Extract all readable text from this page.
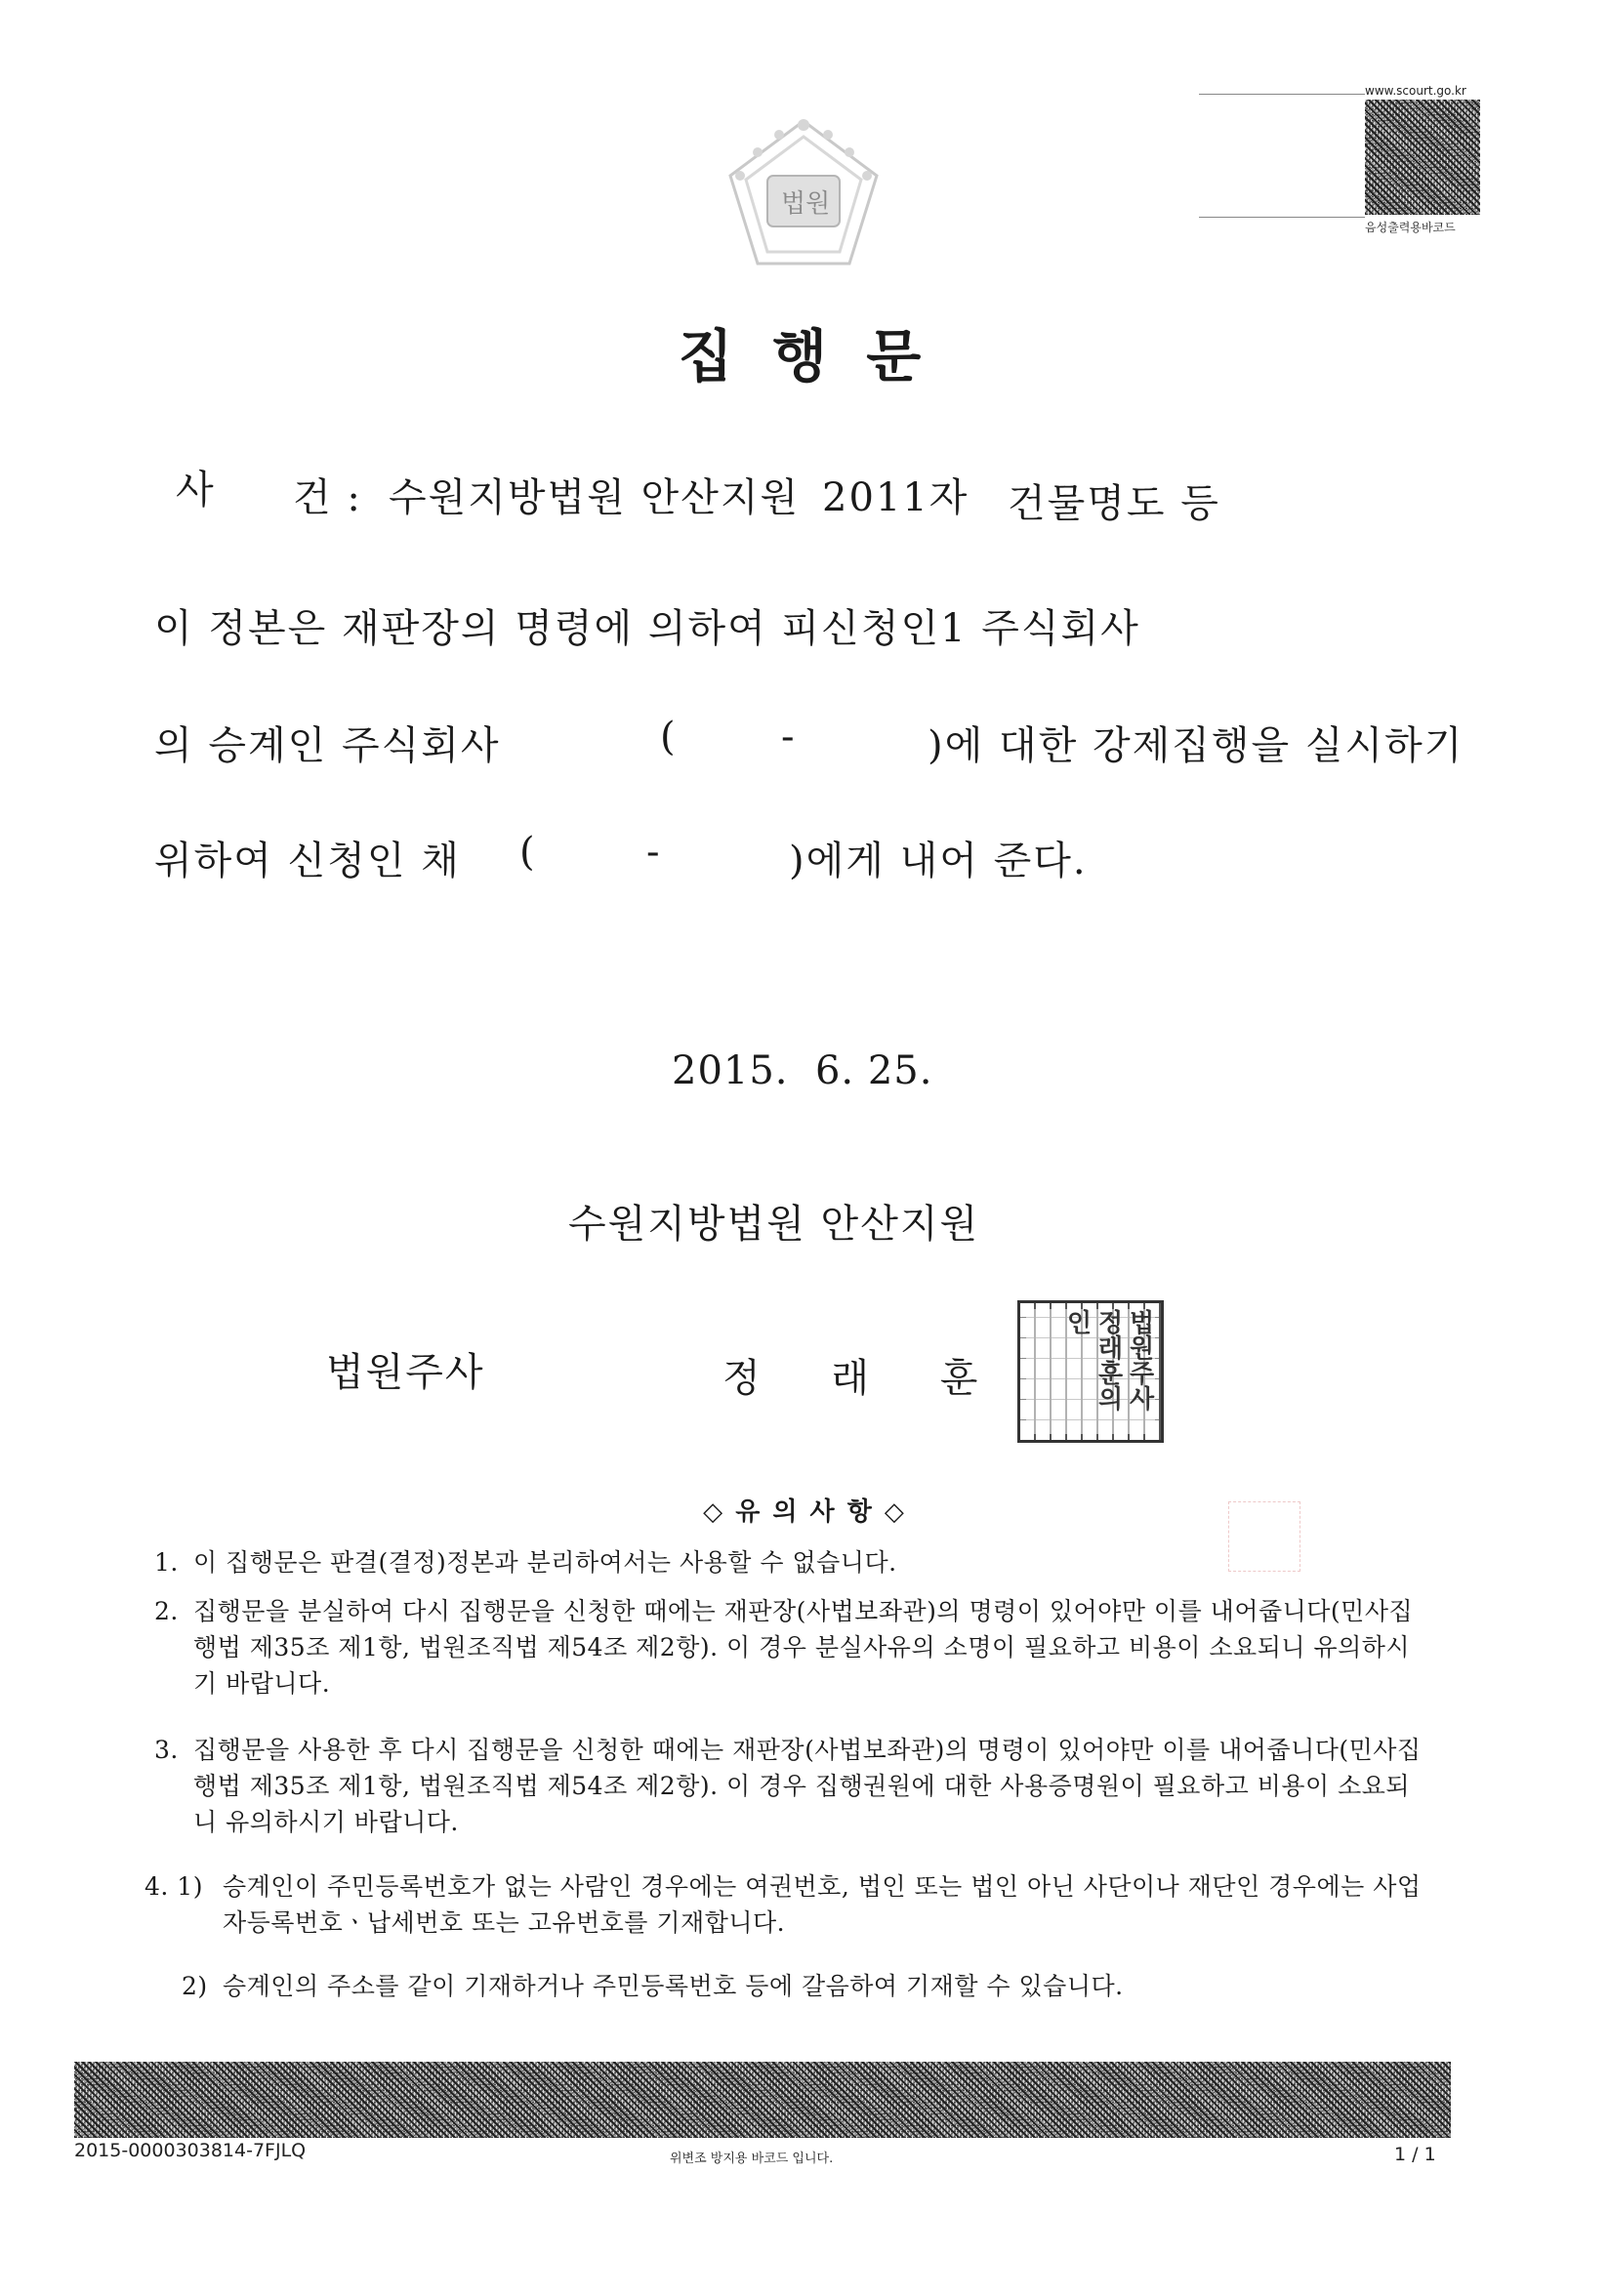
법원
www.scourt.go.kr
음성출력용바코드
집 행 문
사 건 : 수원지방법원 안산지원 2011자 건물명도 등
이 정본은 재판장의 명령에 의하여 피신청인1 주식회사
의 승계인 주식회사	(	-	)에 대한 강제집행을 실시하기
위하여 신청인 채 (	-	)에게 내어 준다.
2015.  6. 25.
수원지방법원 안산지원
법원주사	정 래 훈	법원주사정래훈의인
◇ 유 의 사 항 ◇
1. 이 집행문은 판결(결정)정본과 분리하여서는 사용할 수 없습니다.
2. 집행문을 분실하여 다시 집행문을 신청한 때에는 재판장(사법보좌관)의 명령이 있어야만 이를 내어줍니다(민사집행법 제35조 제1항, 법원조직법 제54조 제2항). 이 경우 분실사유의 소명이 필요하고 비용이 소요되니 유의하시기 바랍니다.
3. 집행문을 사용한 후 다시 집행문을 신청한 때에는 재판장(사법보좌관)의 명령이 있어야만 이를 내어줍니다(민사집행법 제35조 제1항, 법원조직법 제54조 제2항). 이 경우 집행권원에 대한 사용증명원이 필요하고 비용이 소요되니 유의하시기 바랍니다.
4. 1) 승계인이 주민등록번호가 없는 사람인 경우에는 여권번호, 법인 또는 법인 아닌 사단이나 재단인 경우에는 사업자등록번호ㆍ납세번호 또는 고유번호를 기재합니다.
2) 승계인의 주소를 같이 기재하거나 주민등록번호 등에 갈음하여 기재할 수 있습니다.
2015-0000303814-7FJLQ	위변조 방지용 바코드 입니다.	1 / 1
